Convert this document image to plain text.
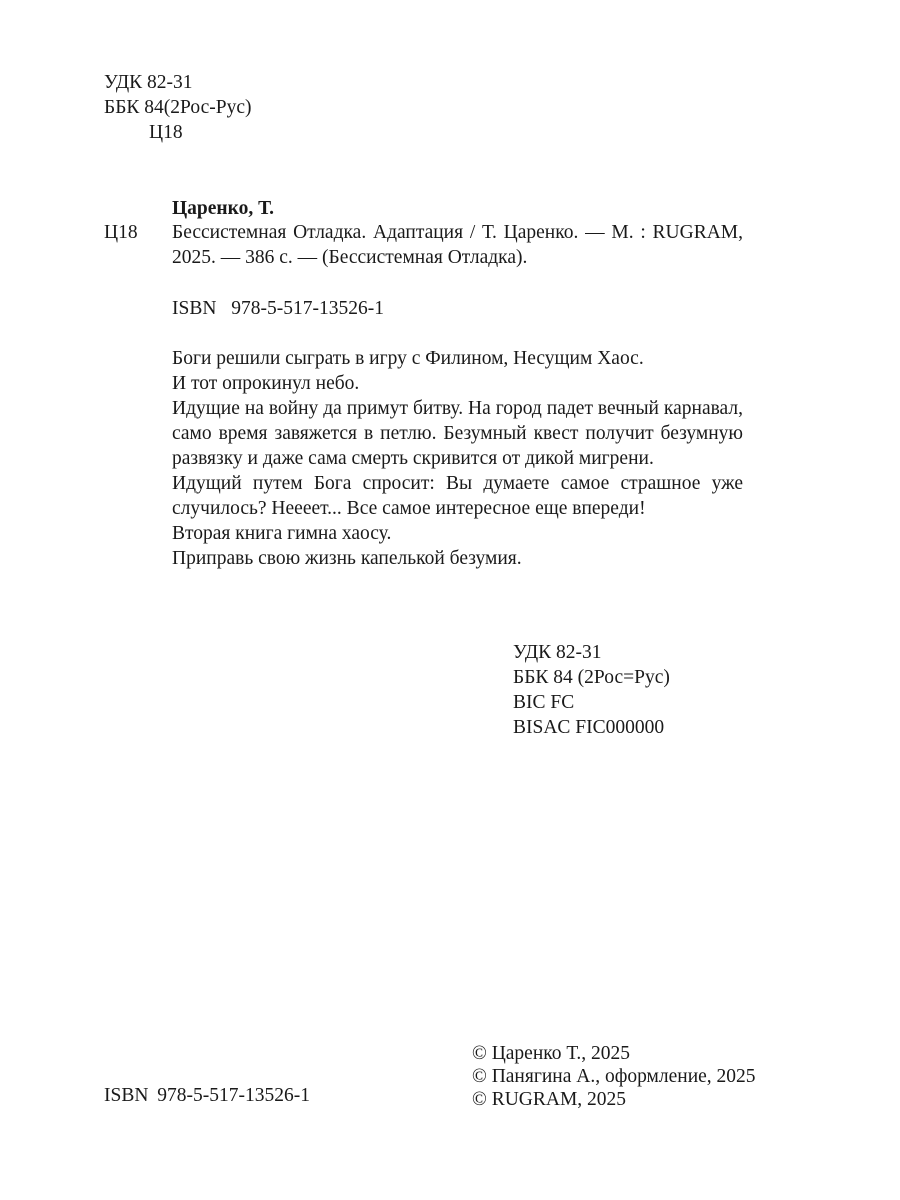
УДК 82-31
ББК 84(2Рос-Рус)
Ц18
Царенко, Т.
Ц18 Бессистемная Отладка. Адаптация / Т. Царенко. — М. : RUGRAM, 2025. — 386 с. — (Бессистемная Отладка).
ISBN 978-5-517-13526-1

Боги решили сыграть в игру с Филином, Несущим Хаос.

И тот опрокинул небо.

Идущие на войну да примут битву. На город падет вечный карнавал, само время завяжется в петлю. Безумный квест получит безумную развязку и даже сама смерть скривится от дикой мигрени.

Идущий путем Бога спросит: Вы думаете самое страшное уже случилось? Нееeет... Все самое интересное еще впереди!

Вторая книга гимна хаосу.

Приправь свою жизнь капелькой безумия.

УДК 82-31
ББК 84 (2Рос=Рус)
BIC FC
BISAC FIC000000
© Царенко Т., 2025
© Панягина А., оформление, 2025
© RUGRAM, 2025
ISBN 978-5-517-13526-1
